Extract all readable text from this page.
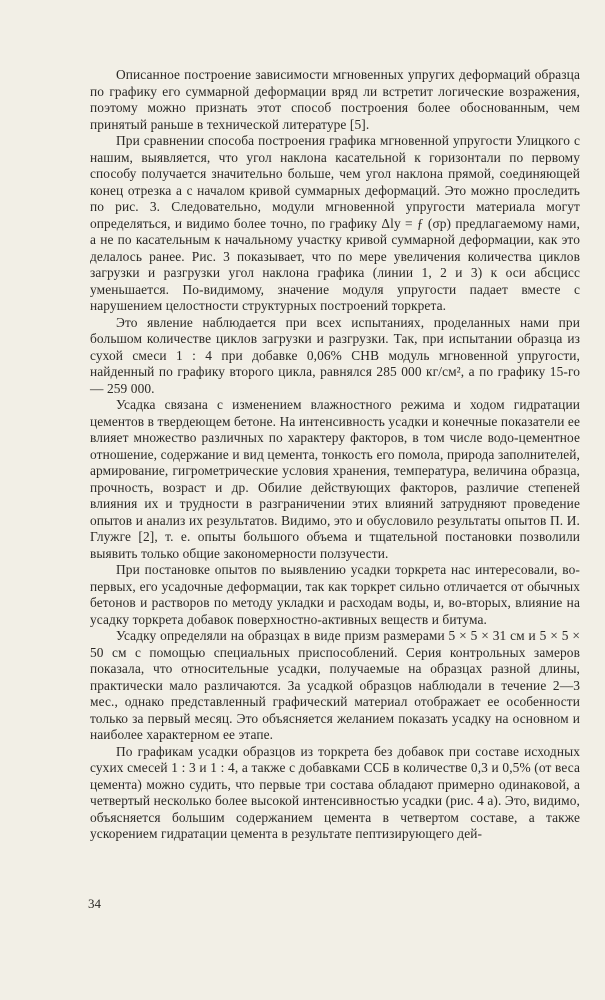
Описанное построение зависимости мгновенных упругих деформаций образца по графику его суммарной деформации вряд ли встретит логические возражения, поэтому можно признать этот способ построения более обоснованным, чем принятый раньше в технической литературе [5].

При сравнении способа построения графика мгновенной упругости Улицкого с нашим, выявляется, что угол наклона касательной к горизонтали по первому способу получается значительно больше, чем угол наклона прямой, соединяющей конец отрезка a с началом кривой суммарных деформаций. Это можно проследить по рис. 3. Следовательно, модули мгновенной упругости материала могут определяться, и видимо более точно, по графику Δlу = ƒ (σр) предлагаемому нами, а не по касательным к начальному участку кривой суммарной деформации, как это делалось ранее. Рис. 3 показывает, что по мере увеличения количества циклов загрузки и разгрузки угол наклона графика (линии 1, 2 и 3) к оси абсцисс уменьшается. По-видимому, значение модуля упругости падает вместе с нарушением целостности структурных построений торкрета.

Это явление наблюдается при всех испытаниях, проделанных нами при большом количестве циклов загрузки и разгрузки. Так, при испытании образца из сухой смеси 1 : 4 при добавке 0,06% СНВ модуль мгновенной упругости, найденный по графику второго цикла, равнялся 285 000 кг/см², а по графику 15-го — 259 000.

Усадка связана с изменением влажностного режима и ходом гидратации цементов в твердеющем бетоне. На интенсивность усадки и конечные показатели ее влияет множество различных по характеру факторов, в том числе водо-цементное отношение, содержание и вид цемента, тонкость его помола, природа заполнителей, армирование, гигрометрические условия хранения, температура, величина образца, прочность, возраст и др. Обилие действующих факторов, различие степеней влияния их и трудности в разграничении этих влияний затрудняют проведение опытов и анализ их результатов. Видимо, это и обусловило результаты опытов П. И. Глужге [2], т. е. опыты большого объема и тщательной постановки позволили выявить только общие закономерности ползучести.

При постановке опытов по выявлению усадки торкрета нас интересовали, во-первых, его усадочные деформации, так как торкрет сильно отличается от обычных бетонов и растворов по методу укладки и расходам воды, и, во-вторых, влияние на усадку торкрета добавок поверхностно-активных веществ и битума.

Усадку определяли на образцах в виде призм размерами 5 × 5 × 31 см и 5 × 5 × 50 см с помощью специальных приспособлений. Серия контрольных замеров показала, что относительные усадки, получаемые на образцах разной длины, практически мало различаются. За усадкой образцов наблюдали в течение 2—3 мес., однако представленный графический материал отображает ее особенности только за первый месяц. Это объясняется желанием показать усадку на основном и наиболее характерном ее этапе.

По графикам усадки образцов из торкрета без добавок при составе исходных сухих смесей 1 : 3 и 1 : 4, а также с добавками ССБ в количестве 0,3 и 0,5% (от веса цемента) можно судить, что первые три состава обладают примерно одинаковой, а четвертый несколько более высокой интенсивностью усадки (рис. 4 а). Это, видимо, объясняется большим содержанием цемента в четвертом составе, а также ускорением гидратации цемента в результате пептизирующего дей-

34
